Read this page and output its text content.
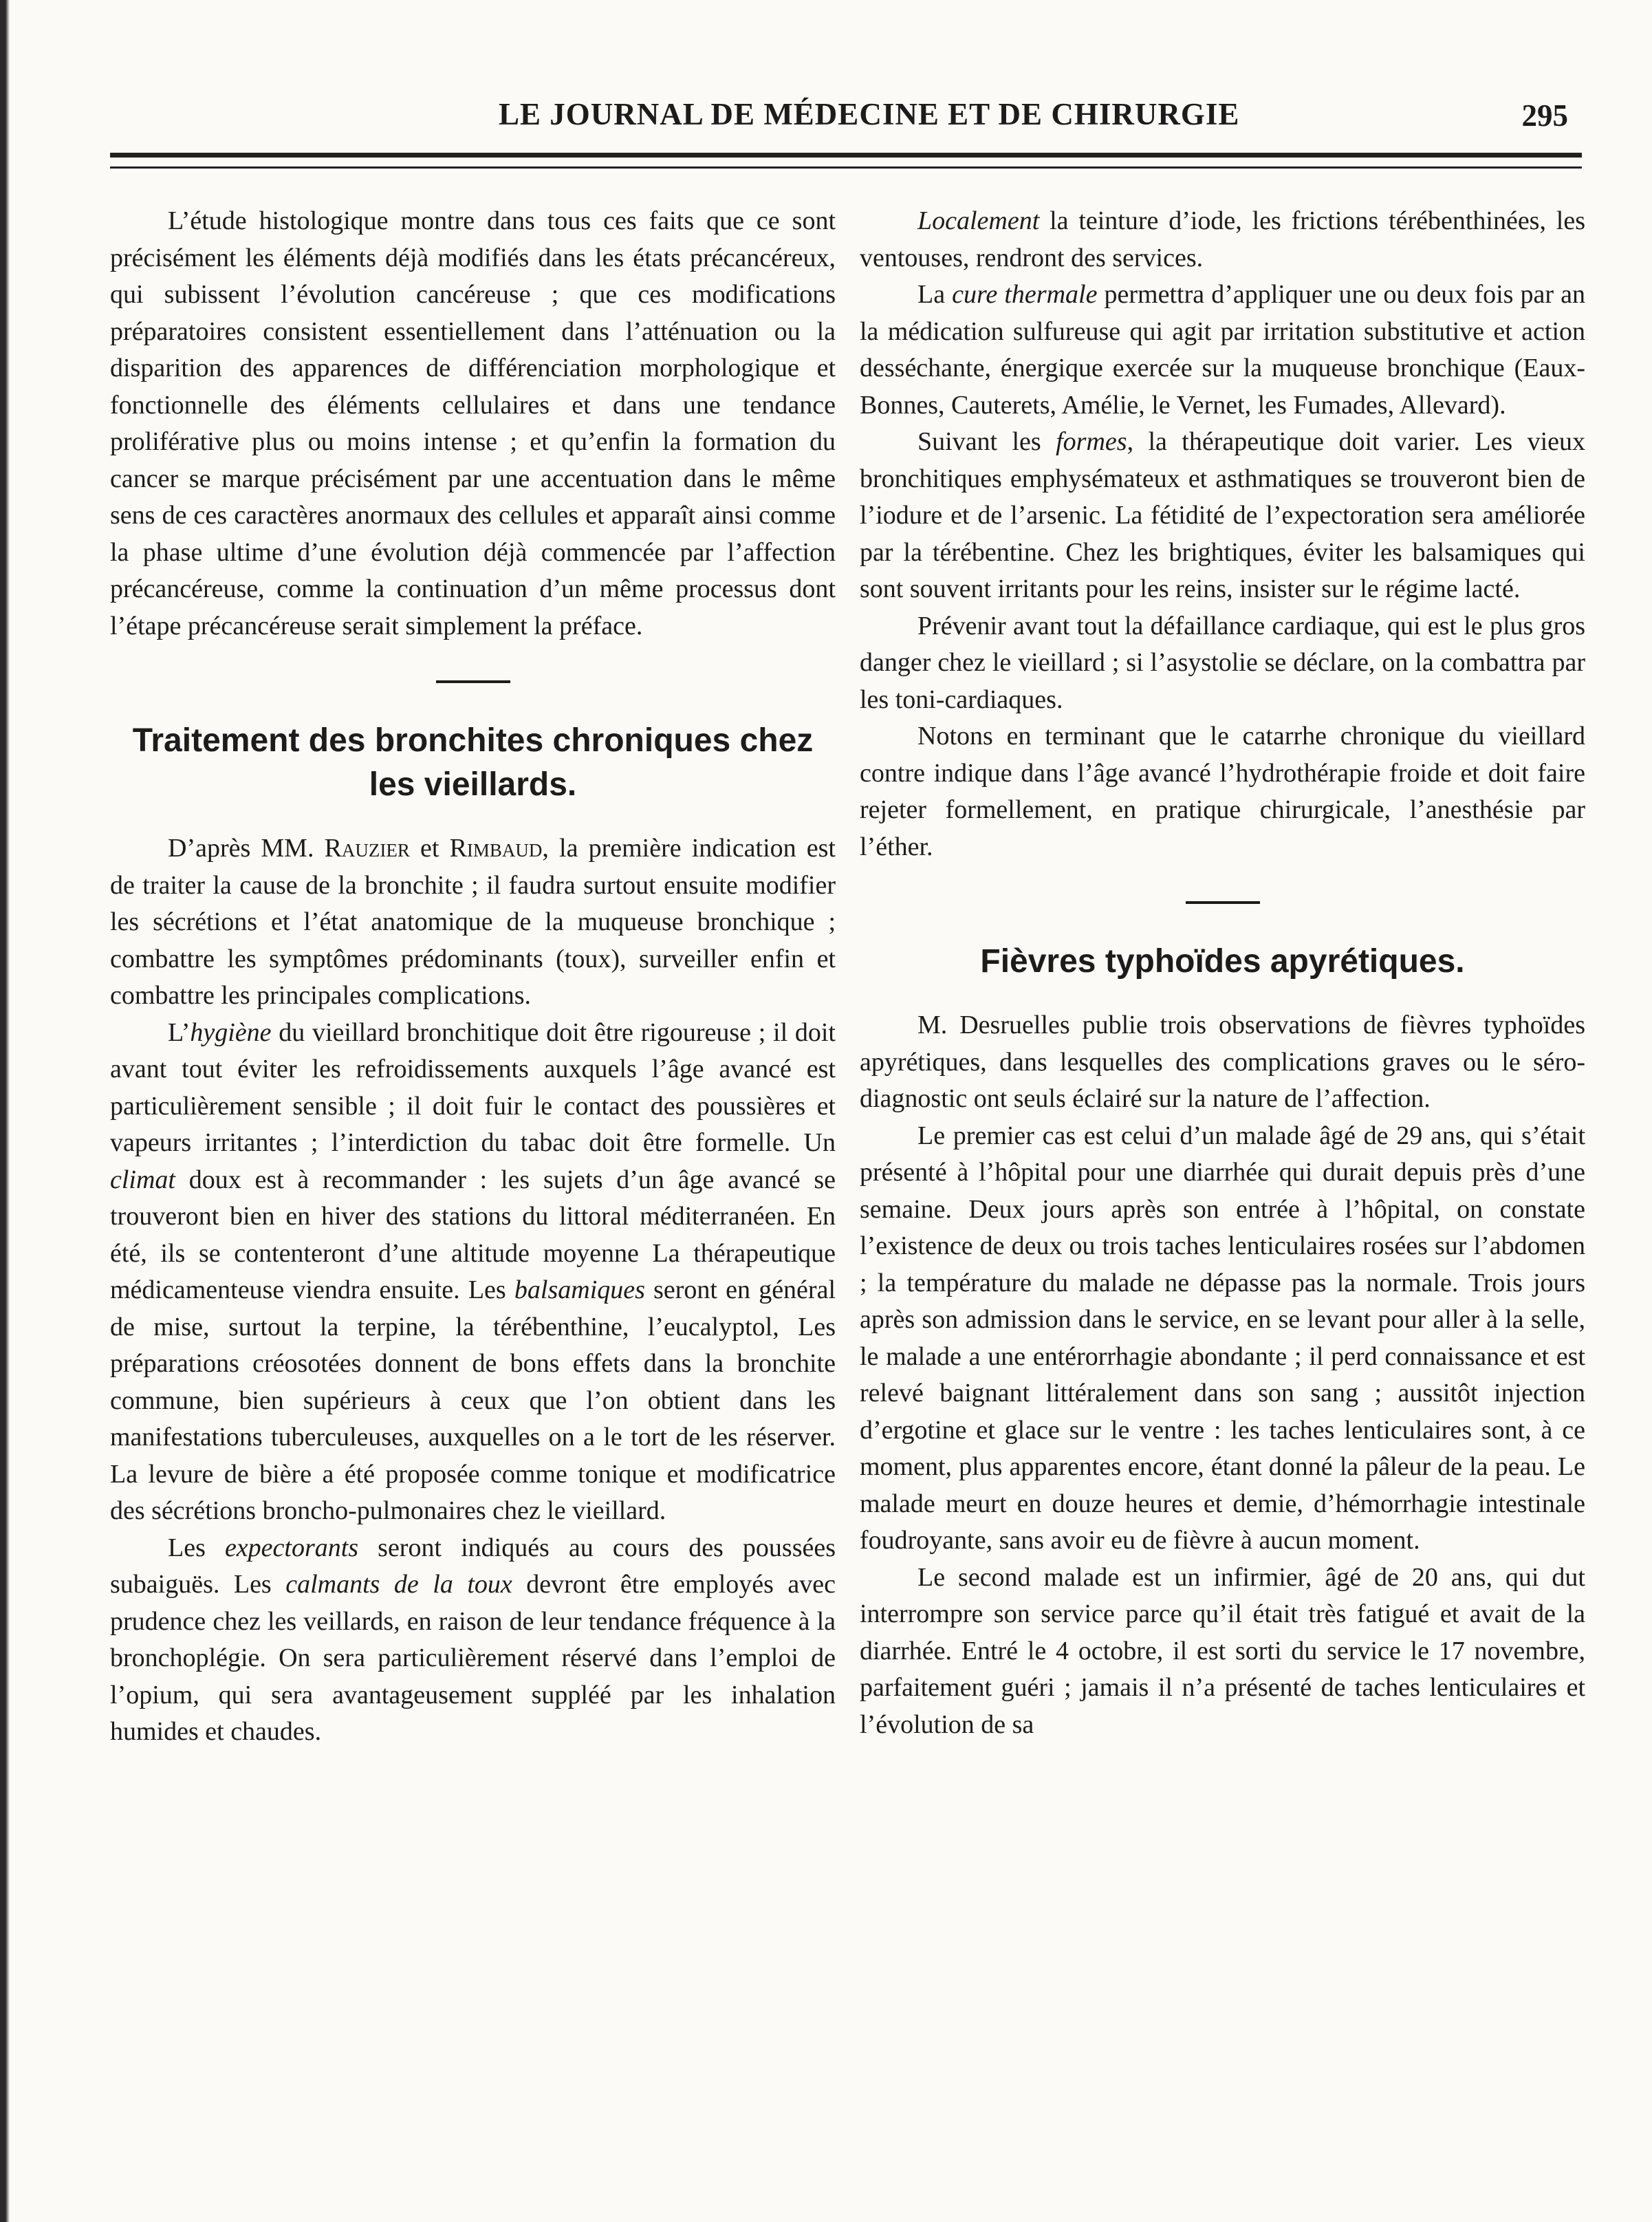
LE JOURNAL DE MÉDECINE ET DE CHIRURGIE	295

L’étude histologique montre dans tous ces faits que ce sont précisément les éléments déjà modifiés dans les états précancéreux, qui subissent l’évolution cancéreuse ; que ces modifications préparatoires consistent essentiellement dans l’atténuation ou la disparition des apparences de différenciation morphologique et fonctionnelle des éléments cellulaires et dans une tendance proliférative plus ou moins intense ; et qu’enfin la formation du cancer se marque précisément par une accentuation dans le même sens de ces caractères anormaux des cellules et apparaît ainsi comme la phase ultime d’une évolution déjà commencée par l’affection précancéreuse, comme la continuation d’un même processus dont l’étape précancéreuse serait simplement la préface.

Traitement des bronchites chroniques chez les vieillards.

D’après MM. Rauzier et Rimbaud, la première indication est de traiter la cause de la bronchite ; il faudra surtout ensuite modifier les sécrétions et l’état anatomique de la muqueuse bronchique ; combattre les symptômes prédominants (toux), surveiller enfin et combattre les principales complications.

L’hygiène du vieillard bronchitique doit être rigoureuse ; il doit avant tout éviter les refroidissements auxquels l’âge avancé est particulièrement sensible ; il doit fuir le contact des poussières et vapeurs irritantes ; l’interdiction du tabac doit être formelle. Un climat doux est à recommander : les sujets d’un âge avancé se trouveront bien en hiver des stations du littoral méditerranéen. En été, ils se contenteront d’une altitude moyenne La thérapeutique médicamenteuse viendra ensuite. Les balsamiques seront en général de mise, surtout la terpine, la térébenthine, l’eucalyptol, Les préparations créosotées donnent de bons effets dans la bronchite commune, bien supérieurs à ceux que l’on obtient dans les manifestations tuberculeuses, auxquelles on a le tort de les réserver. La levure de bière a été proposée comme tonique et modificatrice des sécrétions broncho-pulmonaires chez le vieillard.

Les expectorants seront indiqués au cours des poussées subaiguës. Les calmants de la toux devront être employés avec prudence chez les veillards, en raison de leur tendance fréquence à la bronchoplégie. On sera particulièrement réservé dans l’emploi de l’opium, qui sera avantageusement suppléé par les inhalation humides et chaudes.

Localement la teinture d’iode, les frictions térébenthinées, les ventouses, rendront des services.

La cure thermale permettra d’appliquer une ou deux fois par an la médication sulfureuse qui agit par irritation substitutive et action desséchante, énergique exercée sur la muqueuse bronchique (Eaux-Bonnes, Cauterets, Amélie, le Vernet, les Fumades, Allevard).

Suivant les formes, la thérapeutique doit varier. Les vieux bronchitiques emphysémateux et asthmatiques se trouveront bien de l’iodure et de l’arsenic. La fétidité de l’expectoration sera améliorée par la térébentine. Chez les brightiques, éviter les balsamiques qui sont souvent irritants pour les reins, insister sur le régime lacté.

Prévenir avant tout la défaillance cardiaque, qui est le plus gros danger chez le vieillard ; si l’asystolie se déclare, on la combattra par les toni-cardiaques.

Notons en terminant que le catarrhe chronique du vieillard contre indique dans l’âge avancé l’hydrothérapie froide et doit faire rejeter formellement, en pratique chirurgicale, l’anesthésie par l’éther.

Fièvres typhoïdes apyrétiques.

M. Desruelles publie trois observations de fièvres typhoïdes apyrétiques, dans lesquelles des complications graves ou le séro-diagnostic ont seuls éclairé sur la nature de l’affection.

Le premier cas est celui d’un malade âgé de 29 ans, qui s’était présenté à l’hôpital pour une diarrhée qui durait depuis près d’une semaine. Deux jours après son entrée à l’hôpital, on constate l’existence de deux ou trois taches lenticulaires rosées sur l’abdomen ; la température du malade ne dépasse pas la normale. Trois jours après son admission dans le service, en se levant pour aller à la selle, le malade a une entérorrhagie abondante ; il perd connaissance et est relevé baignant littéralement dans son sang ; aussitôt injection d’ergotine et glace sur le ventre : les taches lenticulaires sont, à ce moment, plus apparentes encore, étant donné la pâleur de la peau. Le malade meurt en douze heures et demie, d’hémorrhagie intestinale foudroyante, sans avoir eu de fièvre à aucun moment.

Le second malade est un infirmier, âgé de 20 ans, qui dut interrompre son service parce qu’il était très fatigué et avait de la diarrhée. Entré le 4 octobre, il est sorti du service le 17 novembre, parfaitement guéri ; jamais il n’a présenté de taches lenticulaires et l’évolution de sa
